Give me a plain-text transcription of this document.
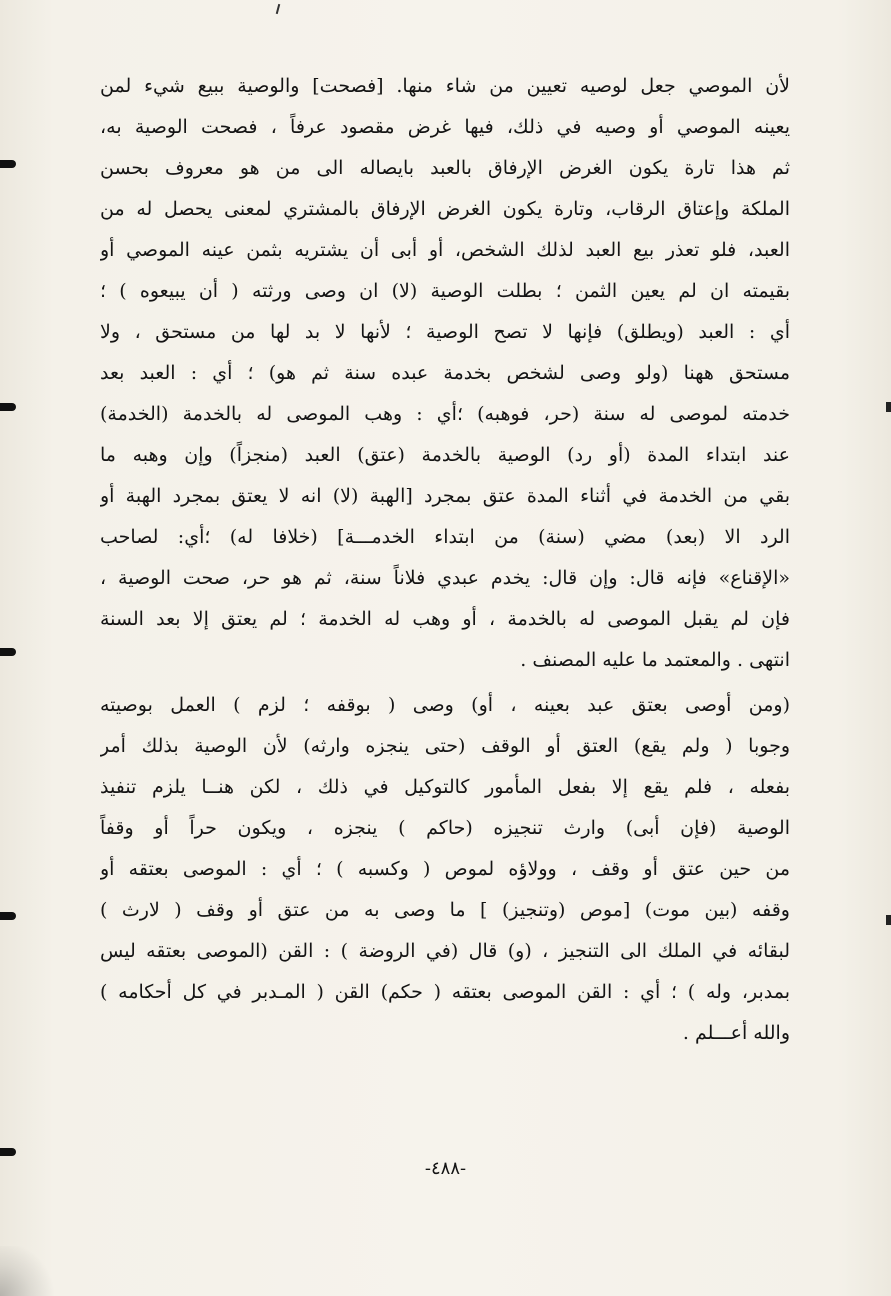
لأن الموصي جعل لوصيه تعيين من شاء منها. [فصحت] والوصية ببيع شيء لمن
يعينه الموصي أو وصيه في ذلك، فيها غرض مقصود عرفاً ، فصحت الوصية به،
ثم هذا تارة يكون الغرض الإرفاق بالعبد بايصاله الى من هو معروف بحسن
الملكة وإعتاق الرقاب، وتارة يكون الغرض الإرفاق بالمشتري لمعنى يحصل له من
العبد، فلو تعذر بيع العبد لذلك الشخص، أو أبى أن يشتريه بثمن عينه الموصي أو
بقيمته ان لم يعين الثمن ؛ بطلت الوصية (لا) ان وصى ورثته ( أن يبيعوه ) ؛
أي : العبد (ويطلق) فإنها لا تصح الوصية ؛ لأنها لا بد لها من مستحق ، ولا
مستحق ههنا (ولو وصى لشخص بخدمة عبده سنة ثم هو) ؛ أي : العبد بعد
خدمته لموصى له سنة (حر، فوهبه) ؛أي : وهب الموصى له بالخدمة (الخدمة)
عند ابتداء المدة (أو رد) الوصية بالخدمة (عتق) العبد (منجزاً) وإن وهبه ما
بقي من الخدمة في أثناء المدة عتق بمجرد [الهبة (لا) انه لا يعتق بمجرد الهبة أو
الرد الا (بعد) مضي (سنة) من ابتداء الخدمـــة] (خلافا له) ؛أي: لصاحب
«الإقناع» فإنه قال: وإن قال: يخدم عبدي فلاناً سنة، ثم هو حر، صحت الوصية ،
فإن لم يقبل الموصى له بالخدمة ، أو وهب له الخدمة ؛ لم يعتق إلا بعد السنة
انتهى . والمعتمد ما عليه المصنف .
(ومن أوصى بعتق عبد بعينه ، أو) وصى ( بوقفه ؛ لزم ) العمل بوصيته
وجوبا ( ولم يقع) العتق أو الوقف (حتى ينجزه وارثه) لأن الوصية بذلك أمر
بفعله ، فلم يقع إلا بفعل المأمور كالتوكيل في ذلك ، لكن هنــا يلزم تنفيذ
الوصية (فإن أبى) وارث تنجيزه (حاكم ) ينجزه ، ويكون حراً أو وقفاً
من حين عتق أو وقف ، وولاؤه لموص ( وكسبه ) ؛ أي : الموصى بعتقه أو
وقفه (بين موت) [موص (وتنجيز) ] ما وصى به من عتق أو وقف ( لارث )
لبقائه في الملك الى التنجيز ، (و) قال (في الروضة ) : القن (الموصى بعتقه ليس
بمدبر، وله ) ؛ أي : القن الموصى بعتقه ( حكم) القن ( المـدبر في كل أحكامه )
والله أعـــلم .
-٤٨٨-
